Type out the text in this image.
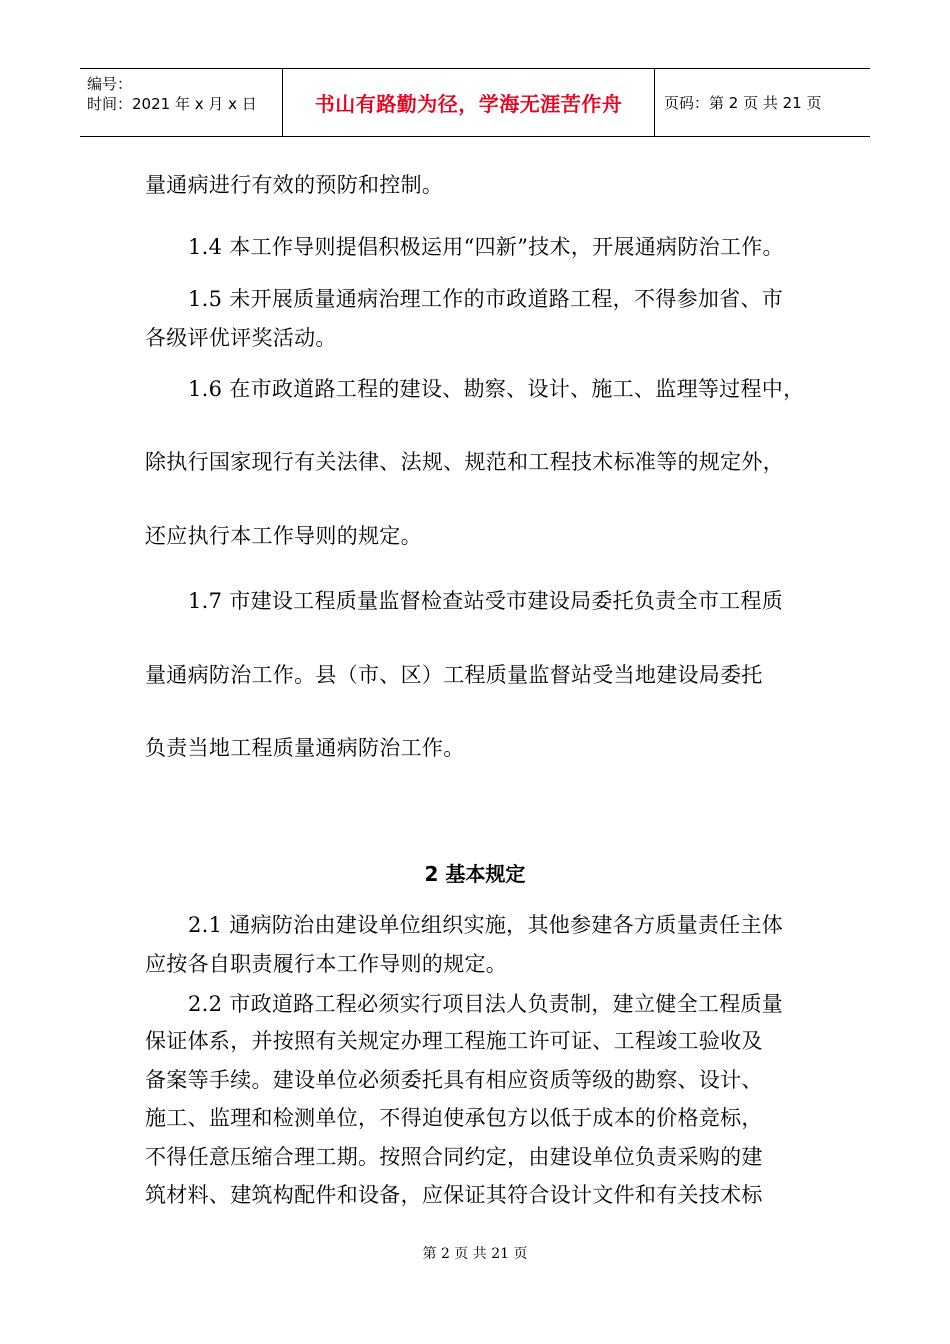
编号：
时间：2021 年 x 月 x 日	书山有路勤为径，学海无涯苦作舟	页码：第 2 页 共 21 页
量通病进行有效的预防和控制。
1.4 本工作导则提倡积极运用“四新”技术，开展通病防治工作。
1.5 未开展质量通病治理工作的市政道路工程，不得参加省、市
各级评优评奖活动。
1.6 在市政道路工程的建设、勘察、设计、施工、监理等过程中，
除执行国家现行有关法律、法规、规范和工程技术标准等的规定外，
还应执行本工作导则的规定。
1.7 市建设工程质量监督检查站受市建设局委托负责全市工程质
量通病防治工作。县（市、区）工程质量监督站受当地建设局委托
负责当地工程质量通病防治工作。
2 基本规定
2.1 通病防治由建设单位组织实施，其他参建各方质量责任主体
应按各自职责履行本工作导则的规定。
2.2 市政道路工程必须实行项目法人负责制，建立健全工程质量
保证体系，并按照有关规定办理工程施工许可证、工程竣工验收及
备案等手续。建设单位必须委托具有相应资质等级的勘察、设计、
施工、监理和检测单位，不得迫使承包方以低于成本的价格竞标，
不得任意压缩合理工期。按照合同约定，由建设单位负责采购的建
筑材料、建筑构配件和设备，应保证其符合设计文件和有关技术标
第 2 页 共 21 页
